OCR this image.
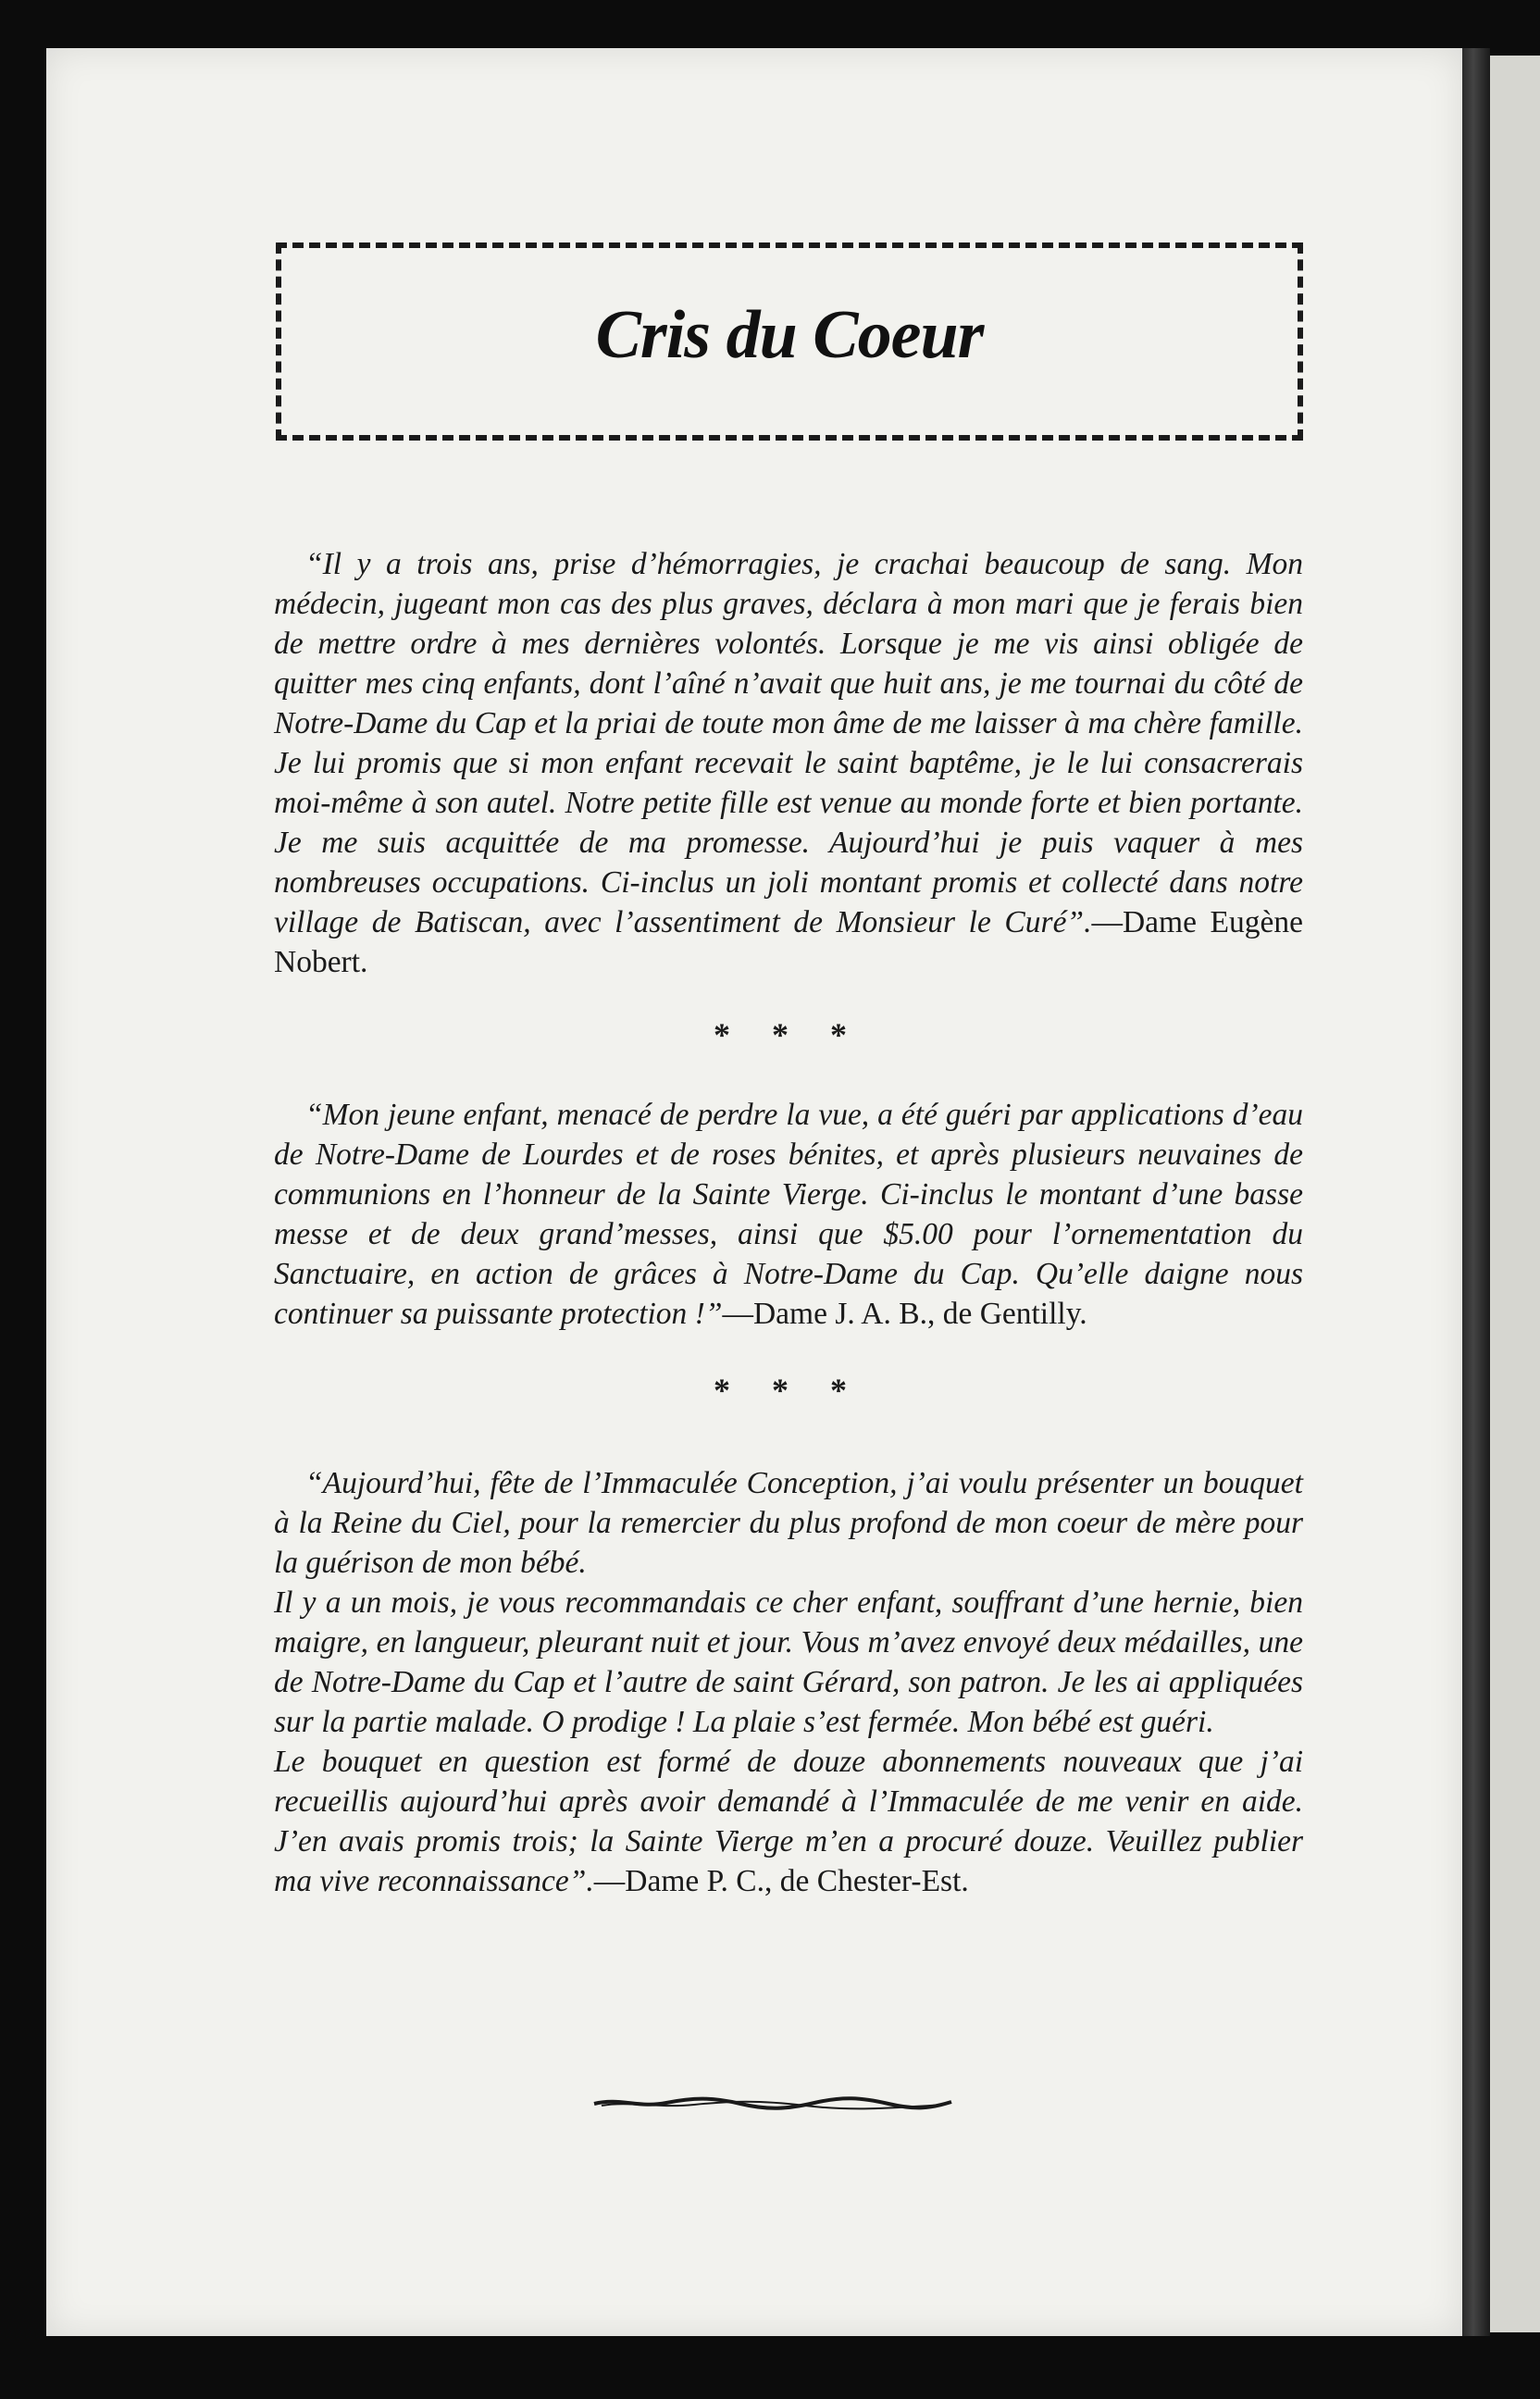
Cris du Coeur

“Il y a trois ans, prise d’hémorragies, je crachai beaucoup de sang. Mon médecin, jugeant mon cas des plus graves, déclara à mon mari que je ferais bien de mettre ordre à mes dernières volontés. Lorsque je me vis ainsi obligée de quitter mes cinq enfants, dont l’aîné n’avait que huit ans, je me tournai du côté de Notre-Dame du Cap et la priai de toute mon âme de me laisser à ma chère famille. Je lui promis que si mon enfant recevait le saint baptême, je le lui consacrerais moi-même à son autel. Notre petite fille est venue au monde forte et bien portante. Je me suis acquittée de ma promesse. Aujourd’hui je puis vaquer à mes nombreuses occupations. Ci-inclus un joli montant promis et collecté dans notre village de Batiscan, avec l’assentiment de Monsieur le Curé”.—Dame Eugène Nobert.

* * *

“Mon jeune enfant, menacé de perdre la vue, a été guéri par applications d’eau de Notre-Dame de Lourdes et de roses bénites, et après plusieurs neuvaines de communions en l’honneur de la Sainte Vierge. Ci-inclus le montant d’une basse messe et de deux grand’messes, ainsi que $5.00 pour l’ornementation du Sanctuaire, en action de grâces à Notre-Dame du Cap. Qu’elle daigne nous continuer sa puissante protection !”—Dame J. A. B., de Gentilly.

* * *

“Aujourd’hui, fête de l’Immaculée Conception, j’ai voulu présenter un bouquet à la Reine du Ciel, pour la remercier du plus profond de mon coeur de mère pour la guérison de mon bébé.

Il y a un mois, je vous recommandais ce cher enfant, souffrant d’une hernie, bien maigre, en langueur, pleurant nuit et jour. Vous m’avez envoyé deux médailles, une de Notre-Dame du Cap et l’autre de saint Gérard, son patron. Je les ai appliquées sur la partie malade. O prodige ! La plaie s’est fermée. Mon bébé est guéri.

Le bouquet en question est formé de douze abonnements nouveaux que j’ai recueillis aujourd’hui après avoir demandé à l’Immaculée de me venir en aide. J’en avais promis trois; la Sainte Vierge m’en a procuré douze. Veuillez publier ma vive reconnaissance”.—Dame P. C., de Chester-Est.
